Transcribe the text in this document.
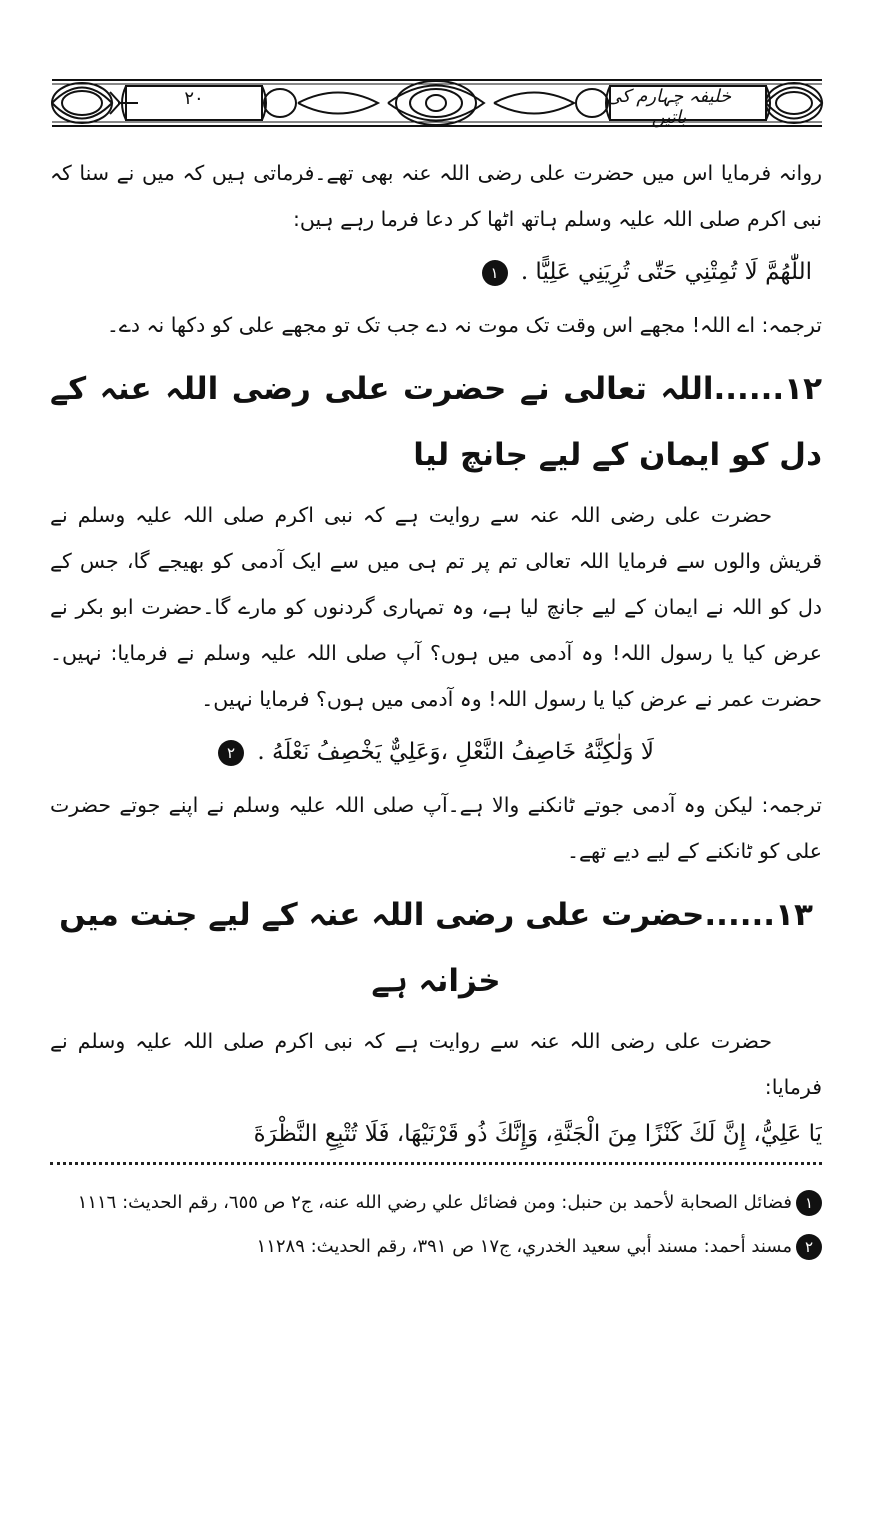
٢٠	خلیفہ چہارم کی باتیں

روانہ فرمایا اس میں حضرت علی رضی اللہ عنہ بھی تھے۔فرماتی ہیں کہ میں نے سنا کہ نبی اکرم صلی اللہ علیہ وسلم ہاتھ اٹھا کر دعا فرما رہے ہیں:

اللّٰهُمَّ لَا تُمِتْنِي حَتّٰى تُرِيَنِي عَلِيًّا . ١

ترجمہ: اے اللہ! مجھے اس وقت تک موت نہ دے جب تک تو مجھے علی کو دکھا نہ دے۔

١٢......اللہ تعالی نے حضرت علی رضی اللہ عنہ کے دل کو ایمان کے لیے جانچ لیا

حضرت علی رضی اللہ عنہ سے روایت ہے کہ نبی اکرم صلی اللہ علیہ وسلم نے قریش والوں سے فرمایا اللہ تعالی تم پر تم ہی میں سے ایک آدمی کو بھیجے گا، جس کے دل کو اللہ نے ایمان کے لیے جانچ لیا ہے، وہ تمہاری گردنوں کو مارے گا۔حضرت ابو بکر نے عرض کیا یا رسول اللہ! وہ آدمی میں ہوں؟ آپ صلی اللہ علیہ وسلم نے فرمایا: نہیں۔حضرت عمر نے عرض کیا یا رسول اللہ! وہ آدمی میں ہوں؟ فرمایا نہیں۔

لَا وَلٰكِنَّهُ خَاصِفُ النَّعْلِ ،وَعَلِيٌّ يَخْصِفُ نَعْلَهُ . ٢

ترجمہ: لیکن وہ آدمی جوتے ٹانکنے والا ہے۔آپ صلی اللہ علیہ وسلم نے اپنے جوتے حضرت علی کو ٹانکنے کے لیے دیے تھے۔

١٣......حضرت علی رضی اللہ عنہ کے لیے جنت میں خزانہ ہے

حضرت علی رضی اللہ عنہ سے روایت ہے کہ نبی اکرم صلی اللہ علیہ وسلم نے فرمایا:

يَا عَلِيُّ، إِنَّ لَكَ كَنْزًا مِنَ الْجَنَّةِ، وَإِنَّكَ ذُو قَرْنَيْهَا، فَلَا تُتْبِعِ النَّظْرَةَ

١فضائل الصحابة لأحمد بن حنبل: ومن فضائل علي رضي الله عنه، ج٢ ص ٦٥٥، رقم الحديث: ١١١٦

٢مسند أحمد: مسند أبي سعيد الخدري، ج١٧ ص ٣٩١، رقم الحديث: ١١٢٨٩
